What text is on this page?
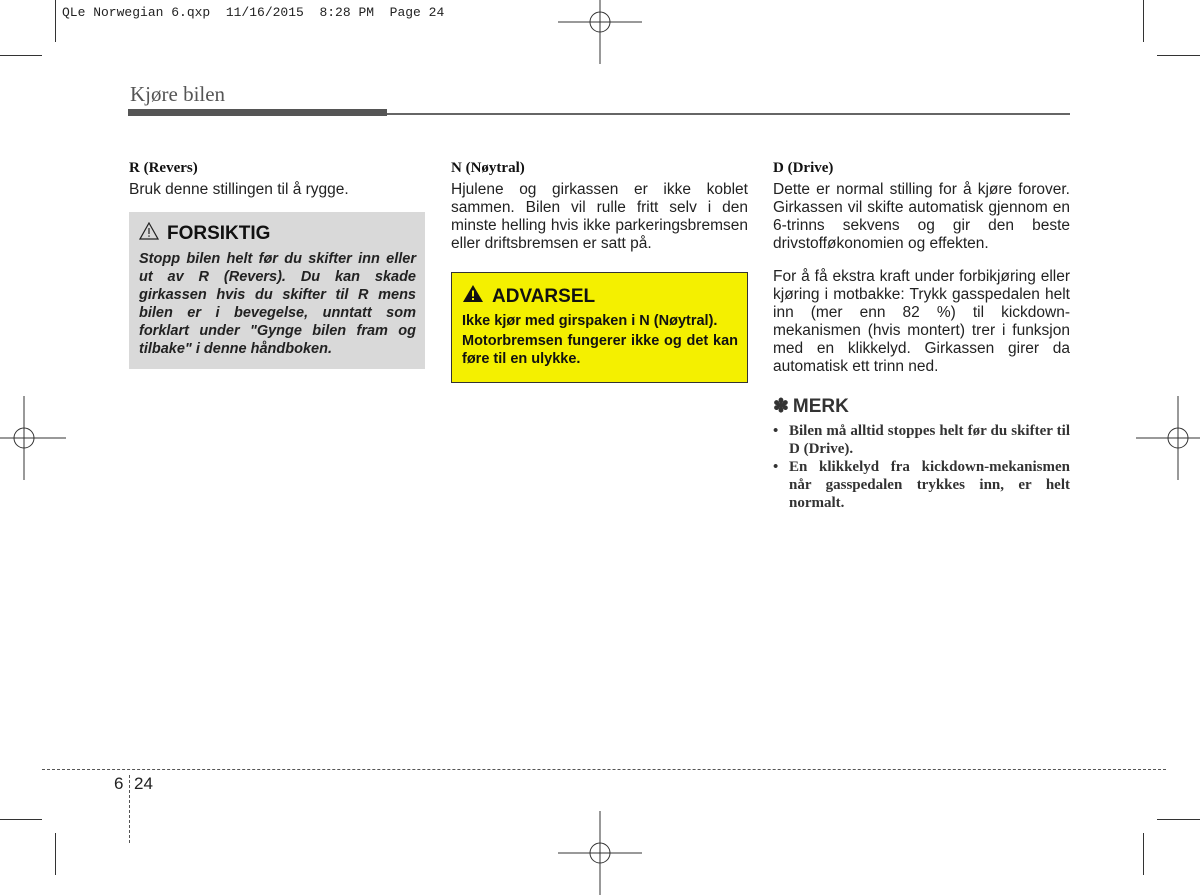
QLe Norwegian 6.qxp  11/16/2015  8:28 PM  Page 24
Kjøre bilen

R (Revers)

Bruk denne stillingen til å rygge.

FORSIKTIG

Stopp bilen helt før du skifter inn eller ut av R (Revers). Du kan skade girkassen hvis du skifter til R mens bilen er i bevegelse, unntatt som forklart under "Gynge bilen fram og tilbake" i denne håndboken.

N (Nøytral)

Hjulene og girkassen er ikke koblet sammen. Bilen vil rulle fritt selv i den minste helling hvis ikke parkeringsbremsen eller driftsbremsen er satt på.

ADVARSEL

Ikke kjør med girspaken i N (Nøytral).

Motorbremsen fungerer ikke og det kan føre til en ulykke.

D (Drive)

Dette er normal stilling for å kjøre forover. Girkassen vil skifte automatisk gjennom en 6-trinns sekvens og gir den beste drivstofføkonomien og effekten.

For å få ekstra kraft under forbikjøring eller kjøring i motbakke: Trykk gasspedalen helt inn (mer enn 82 %) til kickdown-mekanismen (hvis montert) trer i funksjon med en klikkelyd. Girkassen girer da automatisk ett trinn ned.

✽ MERK
• Bilen må alltid stoppes helt før du skifter til D (Drive).
• En klikkelyd fra kickdown-mekanismen når gasspedalen trykkes inn, er helt normalt.
6 24
